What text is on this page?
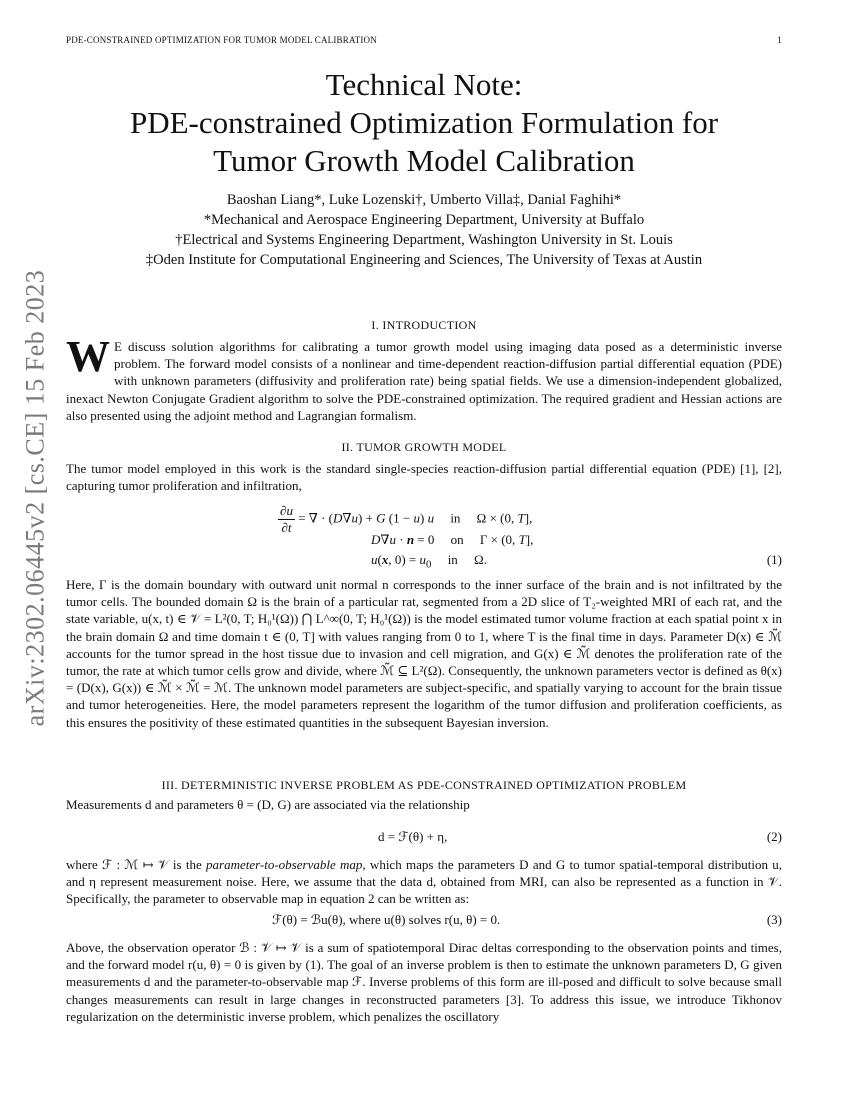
PDE-CONSTRAINED OPTIMIZATION FOR TUMOR MODEL CALIBRATION	1
arXiv:2302.06445v2 [cs.CE] 15 Feb 2023
Technical Note:
PDE-constrained Optimization Formulation for
Tumor Growth Model Calibration
Baoshan Liang*, Luke Lozenski†, Umberto Villa‡, Danial Faghihi*
*Mechanical and Aerospace Engineering Department, University at Buffalo
†Electrical and Systems Engineering Department, Washington University in St. Louis
‡Oden Institute for Computational Engineering and Sciences, The University of Texas at Austin
I. INTRODUCTION
W E discuss solution algorithms for calibrating a tumor growth model using imaging data posed as a deterministic inverse problem. The forward model consists of a nonlinear and time-dependent reaction-diffusion partial differential equation (PDE) with unknown parameters (diffusivity and proliferation rate) being spatial fields. We use a dimension-independent globalized, inexact Newton Conjugate Gradient algorithm to solve the PDE-constrained optimization. The required gradient and Hessian actions are also presented using the adjoint method and Lagrangian formalism.
II. TUMOR GROWTH MODEL
The tumor model employed in this work is the standard single-species reaction-diffusion partial differential equation (PDE) [1], [2], capturing tumor proliferation and infiltration,
$\frac{\partial u}{\partial t}$ = ∇ · (D∇u) + G (1 − u) u     in     Ω × (0, T],
D∇u · n = 0     on     Γ × (0, T],
u(x, $0) = u_0$     in     Ω.	(1)
Here, Γ is the domain boundary with outward unit normal n corresponds to the inner surface of the brain and is not infiltrated by the tumor cells. The bounded domain Ω is the brain of a particular rat, segmented from a 2D slice of T₂-weighted MRI of each rat, and the state variable, u(x, t) ∈ 𝒱 = L²(0, T; H₀¹(Ω)) ⋂ L^∞(0, T; H₀¹(Ω)) is the model estimated tumor volume fraction at each spatial point x in the brain domain Ω and time domain t ∈ (0, T] with values ranging from 0 to 1, where T is the final time in days. Parameter D(x) ∈ ℳ̃ accounts for the tumor spread in the host tissue due to invasion and cell migration, and G(x) ∈ ℳ̃ denotes the proliferation rate of the tumor, the rate at which tumor cells grow and divide, where ℳ̃ ⊆ L²(Ω). Consequently, the unknown parameters vector is defined as θ(x) = (D(x), G(x)) ∈ ℳ̃ × ℳ̃ = ℳ. The unknown model parameters are subject-specific, and spatially varying to account for the brain tissue and tumor heterogeneities. Here, the model parameters represent the logarithm of the tumor diffusion and proliferation coefficients, as this ensures the positivity of these estimated quantities in the subsequent Bayesian inversion.
III. DETERMINISTIC INVERSE PROBLEM AS PDE-CONSTRAINED OPTIMIZATION PROBLEM
Measurements d and parameters θ = (D, G) are associated via the relationship
d = ℱ(θ) + η,	(2)
where ℱ : ℳ ↦ 𝒱 is the parameter-to-observable map, which maps the parameters D and G to tumor spatial-temporal distribution u, and η represent measurement noise. Here, we assume that the data d, obtained from MRI, can also be represented as a function in 𝒱. Specifically, the parameter to observable map in equation 2 can be written as:
ℱ(θ) = ℬu(θ), where u(θ) solves r(u, θ) = 0.	(3)
Above, the observation operator ℬ : 𝒱 ↦ 𝒱 is a sum of spatiotemporal Dirac deltas corresponding to the observation points and times, and the forward model r(u, θ) = 0 is given by (1). The goal of an inverse problem is then to estimate the unknown parameters D, G given measurements d and the parameter-to-observable map ℱ. Inverse problems of this form are ill-posed and difficult to solve because small changes measurements can result in large changes in reconstructed parameters [3]. To address this issue, we introduce Tikhonov regularization on the deterministic inverse problem, which penalizes the oscillatory
